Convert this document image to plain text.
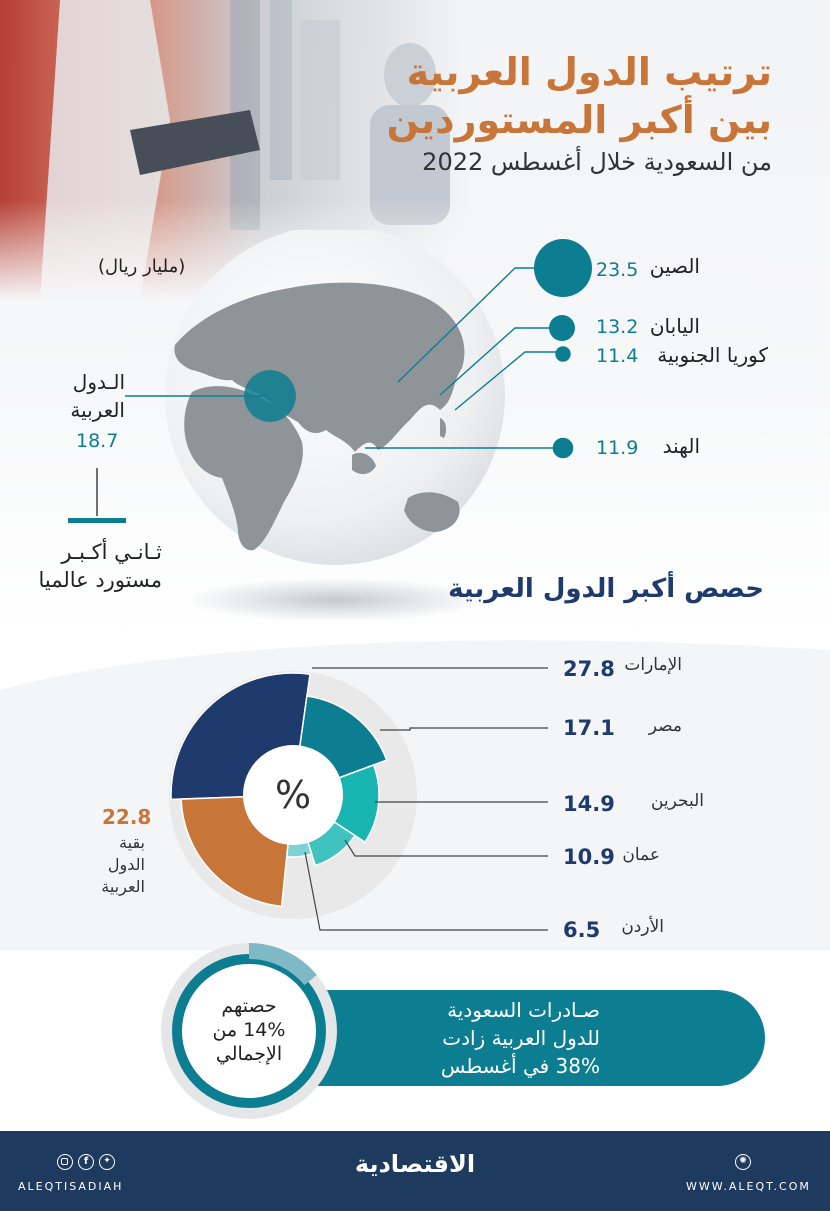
ترتيب الدول العربية
بين أكبر المستوردين
من السعودية خلال أغسطس 2022
(مليار ريال)	الصين
23.5
اليابان
13.2
كوريا الجنوبية
11.4
الهند
11.9
الـدول
العربية
18.7
ثـانـي أكـبـر
مستورد عالميا	حصص أكبر الدول العربية
%
الإمارات
27.8
مصر
17.1
البحرين
14.9
عمان
10.9
الأردن
6.5
22.8
بقية
الدول
العربية
صـادرات السعودية
للدول العربية زادت
38% في أغسطس
حصتهم
14% من
الإجمالي
f	✦
ALEQTISADIAH
الاقتصادية	✺
WWW.ALEQT.COM
